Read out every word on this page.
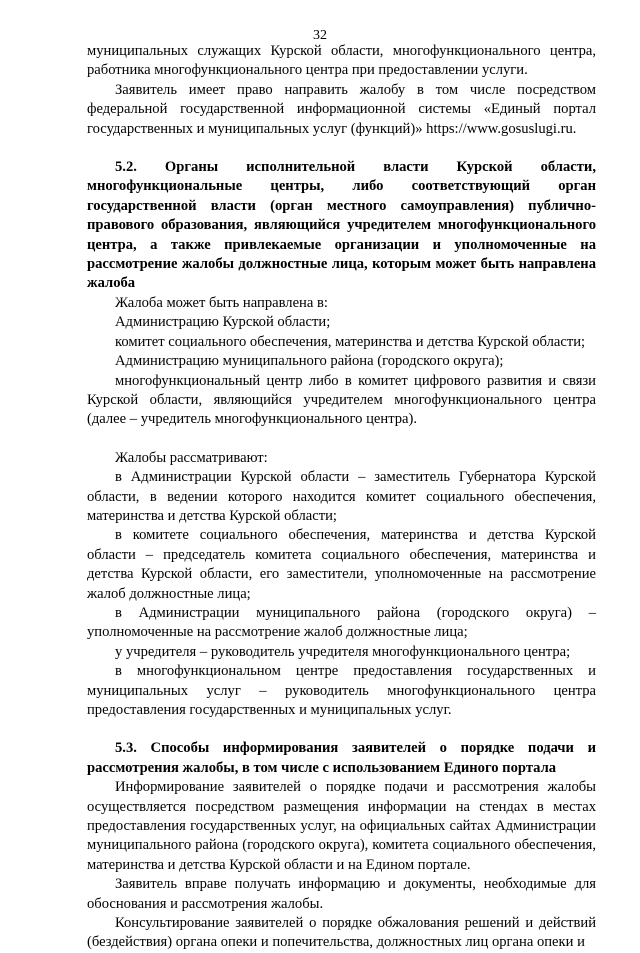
32
муниципальных служащих Курской области, многофункционального центра, работника многофункционального центра при предоставлении услуги.
Заявитель имеет право направить жалобу в том числе посредством федеральной государственной информационной системы «Единый портал государственных и муниципальных услуг (функций)» https://www.gosuslugi.ru.
5.2. Органы исполнительной власти Курской области, многофункциональные центры, либо соответствующий орган государственной власти (орган местного самоуправления) публично-правового образования, являющийся учредителем многофункционального центра, а также привлекаемые организации и уполномоченные на рассмотрение жалобы должностные лица, которым может быть направлена жалоба
Жалоба может быть направлена в:
Администрацию Курской области;
комитет социального обеспечения, материнства и детства Курской области;
Администрацию муниципального района (городского округа);
многофункциональный центр либо в комитет цифрового развития и связи Курской области, являющийся учредителем многофункционального центра (далее – учредитель многофункционального центра).
Жалобы рассматривают:
в Администрации Курской области – заместитель Губернатора Курской области, в ведении которого находится комитет социального обеспечения, материнства и детства Курской области;
в комитете социального обеспечения, материнства и детства Курской области – председатель комитета социального обеспечения, материнства и детства Курской области, его заместители, уполномоченные на рассмотрение жалоб должностные лица;
в Администрации муниципального района (городского округа) – уполномоченные на рассмотрение жалоб должностные лица;
у учредителя – руководитель учредителя многофункционального центра;
в многофункциональном центре предоставления государственных и муниципальных услуг – руководитель многофункционального центра предоставления государственных и муниципальных услуг.
5.3. Способы информирования заявителей о порядке подачи и рассмотрения жалобы, в том числе с использованием Единого портала
Информирование заявителей о порядке подачи и рассмотрения жалобы осуществляется посредством размещения информации на стендах в местах предоставления государственных услуг, на официальных сайтах Администрации муниципального района (городского округа), комитета социального обеспечения, материнства и детства Курской области и на Едином портале.
Заявитель вправе получать информацию и документы, необходимые для обоснования и рассмотрения жалобы.
Консультирование заявителей о порядке обжалования решений и действий (бездействия) органа опеки и попечительства, должностных лиц органа опеки и
